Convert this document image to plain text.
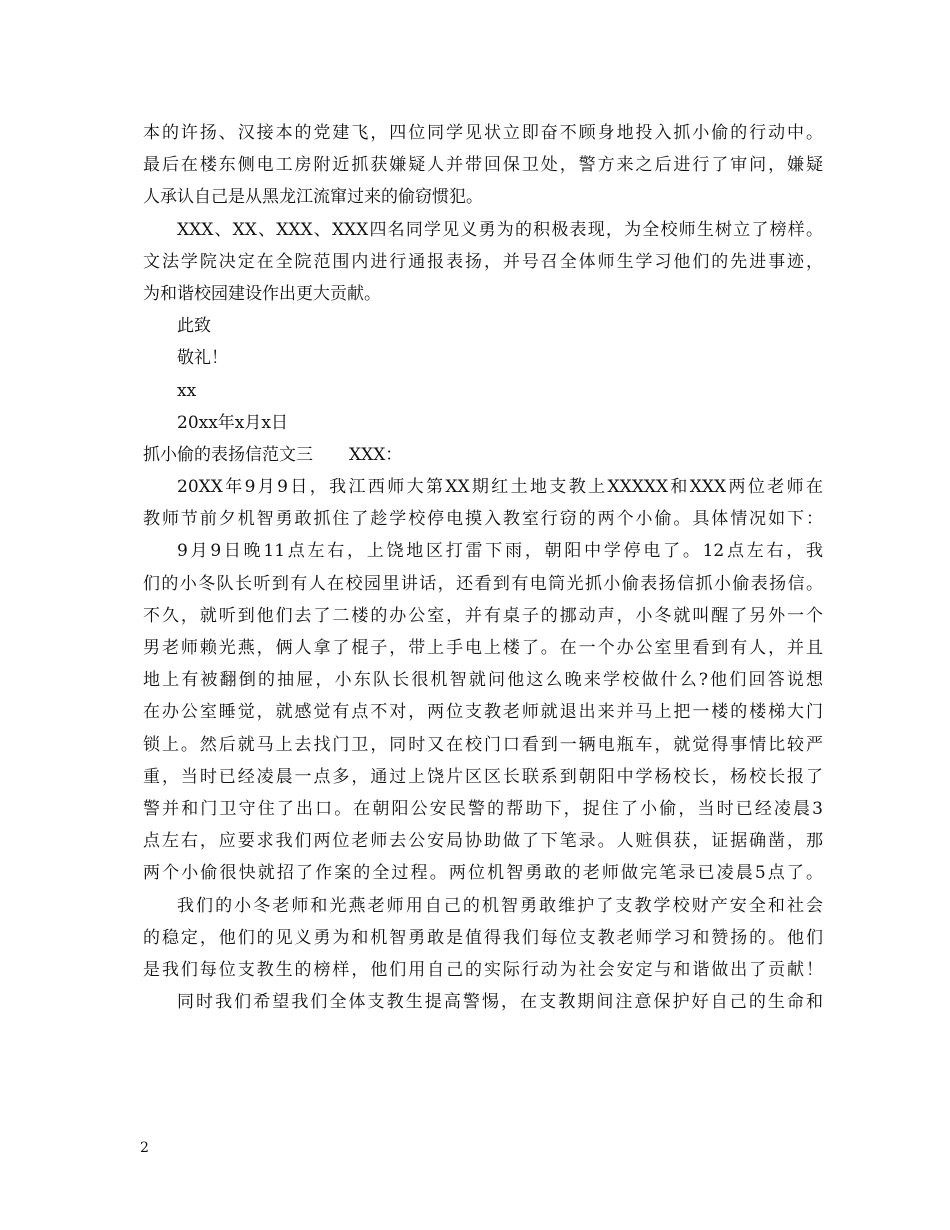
本的许扬、汉接本的党建飞，四位同学见状立即奋不顾身地投入抓小偷的行动中。
最后在楼东侧电工房附近抓获嫌疑人并带回保卫处，警方来之后进行了审问，嫌疑
人承认自己是从黑龙江流窜过来的偷窃惯犯。
XXX、XX、XXX、XXX四名同学见义勇为的积极表现，为全校师生树立了榜样。
文法学院决定在全院范围内进行通报表扬，并号召全体师生学习他们的先进事迹，
为和谐校园建设作出更大贡献。
此致
敬礼！
xx
20xx年x月x日
抓小偷的表扬信范文三 XXX：
20XX年9月9日，我江西师大第XX期红土地支教上XXXXX和XXX两位老师在
教师节前夕机智勇敢抓住了趁学校停电摸入教室行窃的两个小偷。具体情况如下：
9月9日晚11点左右，上饶地区打雷下雨，朝阳中学停电了。12点左右，我
们的小冬队长听到有人在校园里讲话，还看到有电筒光抓小偷表扬信抓小偷表扬信。
不久，就听到他们去了二楼的办公室，并有桌子的挪动声，小冬就叫醒了另外一个
男老师赖光燕，俩人拿了棍子，带上手电上楼了。在一个办公室里看到有人，并且
地上有被翻倒的抽屉，小东队长很机智就问他这么晚来学校做什么?他们回答说想
在办公室睡觉，就感觉有点不对，两位支教老师就退出来并马上把一楼的楼梯大门
锁上。然后就马上去找门卫，同时又在校门口看到一辆电瓶车，就觉得事情比较严
重，当时已经凌晨一点多，通过上饶片区区长联系到朝阳中学杨校长，杨校长报了
警并和门卫守住了出口。在朝阳公安民警的帮助下，捉住了小偷，当时已经凌晨3
点左右，应要求我们两位老师去公安局协助做了下笔录。人赃俱获，证据确凿，那
两个小偷很快就招了作案的全过程。两位机智勇敢的老师做完笔录已凌晨5点了。
我们的小冬老师和光燕老师用自己的机智勇敢维护了支教学校财产安全和社会
的稳定，他们的见义勇为和机智勇敢是值得我们每位支教老师学习和赞扬的。他们
是我们每位支教生的榜样，他们用自己的实际行动为社会安定与和谐做出了贡献！
同时我们希望我们全体支教生提高警惕，在支教期间注意保护好自己的生命和
2
